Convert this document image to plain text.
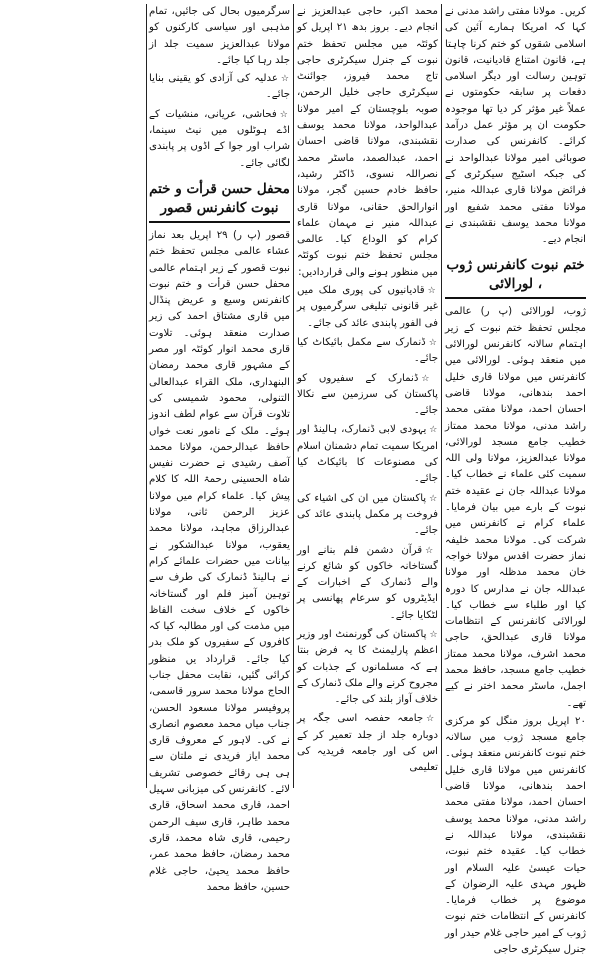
کریں۔ مولانا مفتی راشد مدنی نے کہا کہ امریکا ہمارے آئین کی اسلامی شقوں کو ختم کرنا چاہتا ہے، قانون امتناع قادیانیت، قانون توہین رسالت اور دیگر اسلامی دفعات پر سابقہ حکومتوں نے عملاً غیر مؤثر کر دیا تھا موجودہ حکومت ان پر مؤثر عمل درآمد کرائے۔ کانفرنس کی صدارت صوبائی امیر مولانا عبدالواحد نے کی جبکہ اسٹیج سیکرٹری کے فرائض مولانا قاری عبداللہ منیر، مولانا مفتی محمد شفیع اور مولانا محمد یوسف نقشبندی نے انجام دیے۔

ختم نبوت کانفرنس ژوب ، لورالائی

ژوب، لورالائی (پ ر) عالمی مجلس تحفظ ختم نبوت کے زیر اہتمام سالانہ کانفرنس لورالائی میں منعقد ہوئی۔ لورالائی میں کانفرنس میں مولانا قاری خلیل احمد بندھانی، مولانا قاضی احسان احمد، مولانا مفتی محمد راشد مدنی، مولانا محمد ممتاز خطیب جامع مسجد لورالائی، مولانا عبدالعزیز، مولانا ولی اللہ سمیت کئی علماء نے خطاب کیا۔ مولانا عبداللہ جان نے عقیدہ ختم نبوت کے بارے میں بیان فرمایا۔ علماء کرام نے کانفرنس میں شرکت کی۔ مولانا محمد خلیفہ نماز حضرت اقدس مولانا خواجہ خان محمد مدظلہ اور مولانا عبداللہ جان نے مدارس کا دورہ کیا اور طلباء سے خطاب کیا۔ لورالائی کانفرنس کے انتظامات مولانا قاری عبدالحق، حاجی محمد اشرف، مولانا محمد ممتاز خطیب جامع مسجد، حافظ محمد اجمل، ماسٹر محمد اختر نے کیے تھے۔

۲۰ اپریل بروز منگل کو مرکزی جامع مسجد ژوب میں سالانہ ختم نبوت کانفرنس منعقد ہوئی۔ کانفرنس میں مولانا قاری خلیل احمد بندھانی، مولانا قاضی احسان احمد، مولانا مفتی محمد راشد مدنی، مولانا محمد یوسف نقشبندی، مولانا عبداللہ نے خطاب کیا۔ عقیدہ ختم نبوت، حیات عیسیٰ علیہ السلام اور ظہور مہدی علیہ الرضوان کے موضوع پر خطاب فرمایا۔ کانفرنس کے انتظامات ختم نبوت ژوب کے امیر حاجی غلام حیدر اور جنرل سیکرٹری حاجی

محمد اکبر، حاجی عبدالعزیز نے انجام دیے۔ بروز بدھ ۲۱ اپریل کو کوئٹہ میں مجلس تحفظ ختم نبوت کے جنرل سیکرٹری حاجی تاج محمد فیروز، جوائنٹ سیکرٹری حاجی خلیل الرحمن، صوبہ بلوچستان کے امیر مولانا عبدالواحد، مولانا محمد یوسف نقشبندی، مولانا قاضی احسان احمد، عبدالصمد، ماسٹر محمد نصراللہ نسوی، ڈاکٹر رشید، حافظ خادم حسین گجر، مولانا انوارالحق حقانی، مولانا قاری عبداللہ منیر نے مہمان علماء کرام کو الوداع کیا۔ عالمی مجلس تحفظ ختم نبوت کوئٹہ میں منظور ہونے والی قراردادیں:

☆قادیانیوں کی پوری ملک میں غیر قانونی تبلیغی سرگرمیوں پر فی الفور پابندی عائد کی جائے۔

☆ڈنمارک سے مکمل بائیکاٹ کیا جائے۔

☆ڈنمارک کے سفیروں کو پاکستان کی سرزمین سے نکالا جائے۔

☆یہودی لابی ڈنمارک، ہالینڈ اور امریکا سمیت تمام دشمنان اسلام کی مصنوعات کا بائیکاٹ کیا جائے۔

☆پاکستان میں ان کی اشیاء کی فروخت پر مکمل پابندی عائد کی جائے۔

☆قرآن دشمن فلم بنانے اور گستاخانہ خاکوں کو شائع کرنے والے ڈنمارک کے اخبارات کے ایڈیٹروں کو سرعام پھانسی پر لٹکایا جائے۔

☆پاکستان کی گورنمنٹ اور وزیر اعظم پارلیمنٹ کا یہ فرض بنتا ہے کہ مسلمانوں کے جذبات کو مجروح کرنے والے ملک ڈنمارک کے خلاف آواز بلند کی جائے۔

☆جامعہ حفصہ اسی جگہ پر دوبارہ جلد از جلد تعمیر کر کے اس کی اور جامعہ فریدیہ کی تعلیمی

سرگرمیوں بحال کی جائیں، تمام مذہبی اور سیاسی کارکنوں کو مولانا عبدالعزیز سمیت جلد از جلد رہا کیا جائے۔

☆عدلیہ کی آزادی کو یقینی بنایا جائے۔

☆فحاشی، عریانی، منشیات کے اڈے ہوٹلوں میں نیٹ سینما، شراب اور جوا کے اڈوں پر پابندی لگائی جائے۔

محفل حسن قرأت و ختم نبوت کانفرنس قصور

قصور (پ ر) ۲۹ اپریل بعد نماز عشاء عالمی مجلس تحفظ ختم نبوت قصور کے زیر اہتمام عالمی محفل حسن قرأت و ختم نبوت کانفرنس وسیع و عریض پنڈال میں قاری مشتاق احمد کی زیر صدارت منعقد ہوئی۔ تلاوت قاری محمد انوار کوئٹہ اور مصر کے مشہور قاری محمد رمضان البنھداری، ملک القراء عبدالعالی التنولی، محمود شمیسی کی تلاوت قرآن سے عوام لطف اندوز ہوئے۔ ملک کے نامور نعت خواں حافظ عبدالرحمن، مولانا محمد آصف رشیدی نے حضرت نفیس شاہ الحسینی رحمۃ اللہ کا کلام پیش کیا۔ علماء کرام میں مولانا عزیز الرحمن ثانی، مولانا عبدالرزاق مجاہد، مولانا محمد یعقوب، مولانا عبدالشکور نے بیانات میں حضرات علمائے کرام نے ہالینڈ ڈنمارک کی طرف سے توہین آمیز فلم اور گستاخانہ خاکوں کے خلاف سخت الفاظ میں مذمت کی اور مطالبہ کیا کہ کافروں کے سفیروں کو ملک بدر کیا جائے۔ قرارداد یں منظور کرائی گئیں، نقابت محفل جناب الحاج مولانا محمد سرور قاسمی، پروفیسر مولانا مسعود الحسن، جناب میاں محمد معصوم انصاری نے کی۔ لاہور کے معروف قاری محمد ایاز فریدی نے ملتان سے ہی ہی رقائے خصوصی تشریف لائے۔ کانفرنس کی میزبانی سہیل احمد، قاری محمد اسحاق، قاری محمد طاہر، قاری سیف الرحمن رحیمی، قاری شاہ محمد، قاری محمد رمضان، حافظ محمد عمر، حافظ محمد یحییٰ، حاجی غلام حسین، حافظ محمد
